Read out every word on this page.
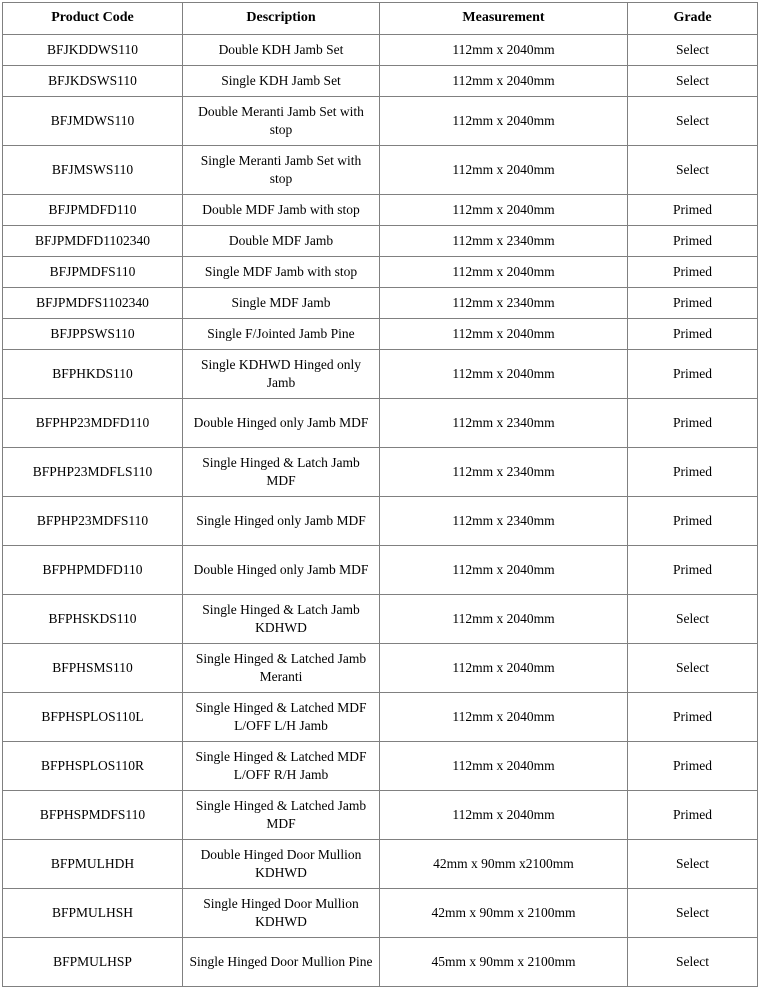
Product Code	Description	Measurement	Grade

BFJKDDWS110	Double KDH Jamb Set	112mm x 2040mm	Select

BFJKDSWS110	Single KDH Jamb Set	112mm x 2040mm	Select

BFJMDWS110	Double Meranti Jamb Set with stop	112mm x 2040mm	Select

BFJMSWS110	Single Meranti Jamb Set with stop	112mm x 2040mm	Select

BFJPMDFD110	Double MDF Jamb with stop	112mm x 2040mm	Primed

BFJPMDFD1102340	Double MDF Jamb	112mm x 2340mm	Primed

BFJPMDFS110	Single MDF Jamb with stop	112mm x 2040mm	Primed

BFJPMDFS1102340	Single MDF Jamb	112mm x 2340mm	Primed

BFJPPSWS110	Single F/Jointed Jamb Pine	112mm x 2040mm	Primed

BFPHKDS110	Single KDHWD Hinged only Jamb	112mm x 2040mm	Primed

BFPHP23MDFD110	Double Hinged only Jamb MDF	112mm x 2340mm	Primed

BFPHP23MDFLS110	Single Hinged & Latch Jamb MDF	112mm x 2340mm	Primed

BFPHP23MDFS110	Single Hinged only Jamb MDF	112mm x 2340mm	Primed

BFPHPMDFD110	Double Hinged only Jamb MDF	112mm x 2040mm	Primed

BFPHSKDS110	Single Hinged & Latch Jamb KDHWD	112mm x 2040mm	Select

BFPHSMS110	Single Hinged & Latched Jamb Meranti	112mm x 2040mm	Select

BFPHSPLOS110L	Single Hinged & Latched MDF L/OFF L/H Jamb	112mm x 2040mm	Primed

BFPHSPLOS110R	Single Hinged & Latched MDF L/OFF R/H Jamb	112mm x 2040mm	Primed

BFPHSPMDFS110	Single Hinged & Latched Jamb MDF	112mm x 2040mm	Primed

BFPMULHDH	Double Hinged Door Mullion KDHWD	42mm x 90mm x2100mm	Select

BFPMULHSH	Single Hinged Door Mullion KDHWD	42mm x 90mm x 2100mm	Select

BFPMULHSP	Single Hinged Door Mullion Pine	45mm x 90mm x 2100mm	Select
